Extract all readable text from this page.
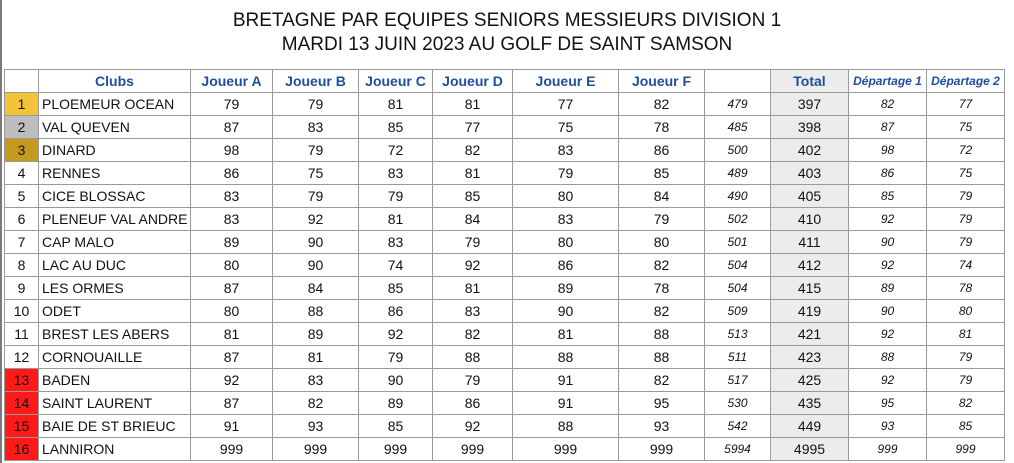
BRETAGNE PAR EQUIPES SENIORS MESSIEURS DIVISION 1
MARDI 13 JUIN 2023 AU GOLF DE SAINT SAMSON
	Clubs	Joueur A	Joueur B	Joueur C	Joueur D	Joueur E	Joueur F		Total	Départage 1	Départage 2
1	PLOEMEUR OCEAN	79	79	81	81	77	82	479	397	82	77
2	VAL QUEVEN	87	83	85	77	75	78	485	398	87	75
3	DINARD	98	79	72	82	83	86	500	402	98	72
4	RENNES	86	75	83	81	79	85	489	403	86	75
5	CICE BLOSSAC	83	79	79	85	80	84	490	405	85	79
6	PLENEUF VAL ANDRE	83	92	81	84	83	79	502	410	92	79
7	CAP MALO	89	90	83	79	80	80	501	411	90	79
8	LAC AU DUC	80	90	74	92	86	82	504	412	92	74
9	LES ORMES	87	84	85	81	89	78	504	415	89	78
10	ODET	80	88	86	83	90	82	509	419	90	80
11	BREST LES ABERS	81	89	92	82	81	88	513	421	92	81
12	CORNOUAILLE	87	81	79	88	88	88	511	423	88	79
13	BADEN	92	83	90	79	91	82	517	425	92	79
14	SAINT LAURENT	87	82	89	86	91	95	530	435	95	82
15	BAIE DE ST BRIEUC	91	93	85	92	88	93	542	449	93	85
16	LANNIRON	999	999	999	999	999	999	5994	4995	999	999
